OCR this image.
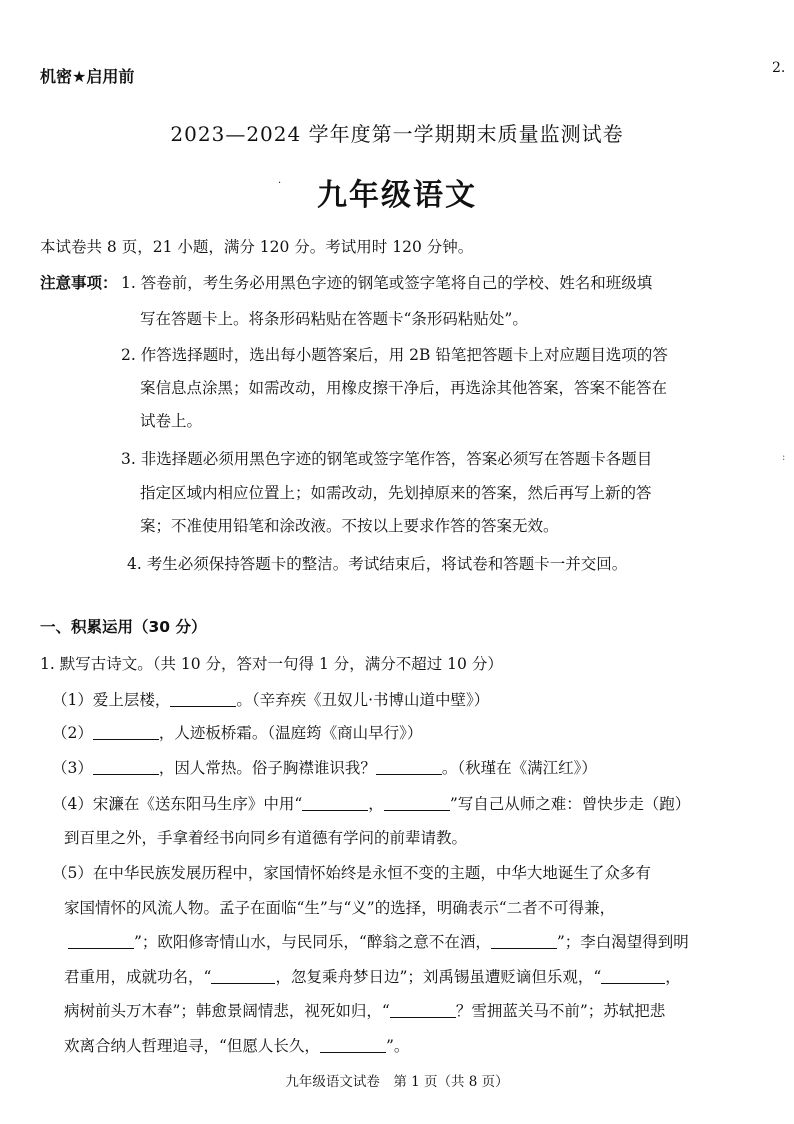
机密★启用前	2.
2023—2024 学年度第一学期期末质量监测试卷
·	九年级语文
本试卷共 8 页，21 小题，满分 120 分。考试用时 120 分钟。
注意事项： 1. 答卷前，考生务必用黑色字迹的钢笔或签字笔将自己的学校、姓名和班级填
写在答题卡上。将条形码粘贴在答题卡“条形码粘贴处”。
2. 作答选择题时，选出每小题答案后，用 2B 铅笔把答题卡上对应题目选项的答
案信息点涂黑；如需改动，用橡皮擦干净后，再选涂其他答案，答案不能答在
试卷上。
3. 非选择题必须用黑色字迹的钢笔或签字笔作答，答案必须写在答题卡各题目
指定区域内相应位置上；如需改动，先划掉原来的答案，然后再写上新的答
案；不准使用铅笔和涂改液。不按以上要求作答的答案无效。
4. 考生必须保持答题卡的整洁。考试结束后，将试卷和答题卡一并交回。
:
一、积累运用（30 分）
1. 默写古诗文。（共 10 分，答对一句得 1 分，满分不超过 10 分）
（1）爱上层楼，	。（辛弃疾《丑奴儿·书博山道中壁》）
（2）	，人迹板桥霜。（温庭筠《商山早行》）
（3）	，因人常热。俗子胸襟谁识我？	。（秋瑾在《满江红》）
（4）宋濂在《送东阳马生序》中用“	，	”写自己从师之难：曾快步走（跑）
到百里之外，手拿着经书向同乡有道德有学问的前辈请教。
（5）在中华民族发展历程中，家国情怀始终是永恒不变的主题，中华大地诞生了众多有
家国情怀的风流人物。孟子在面临“生”与“义”的选择，明确表示“二者不可得兼，
”；欧阳修寄情山水，与民同乐，“醉翁之意不在酒，	”；李白渴望得到明
君重用，成就功名，“	，忽复乘舟梦日边”；刘禹锡虽遭贬谪但乐观，“	，
病树前头万木春”；韩愈景阔情悲，视死如归，“	？雪拥蓝关马不前”；苏轼把悲
欢离合纳人哲理追寻，“但愿人长久，	”。
九年级语文试卷　第 1 页（共 8 页）
